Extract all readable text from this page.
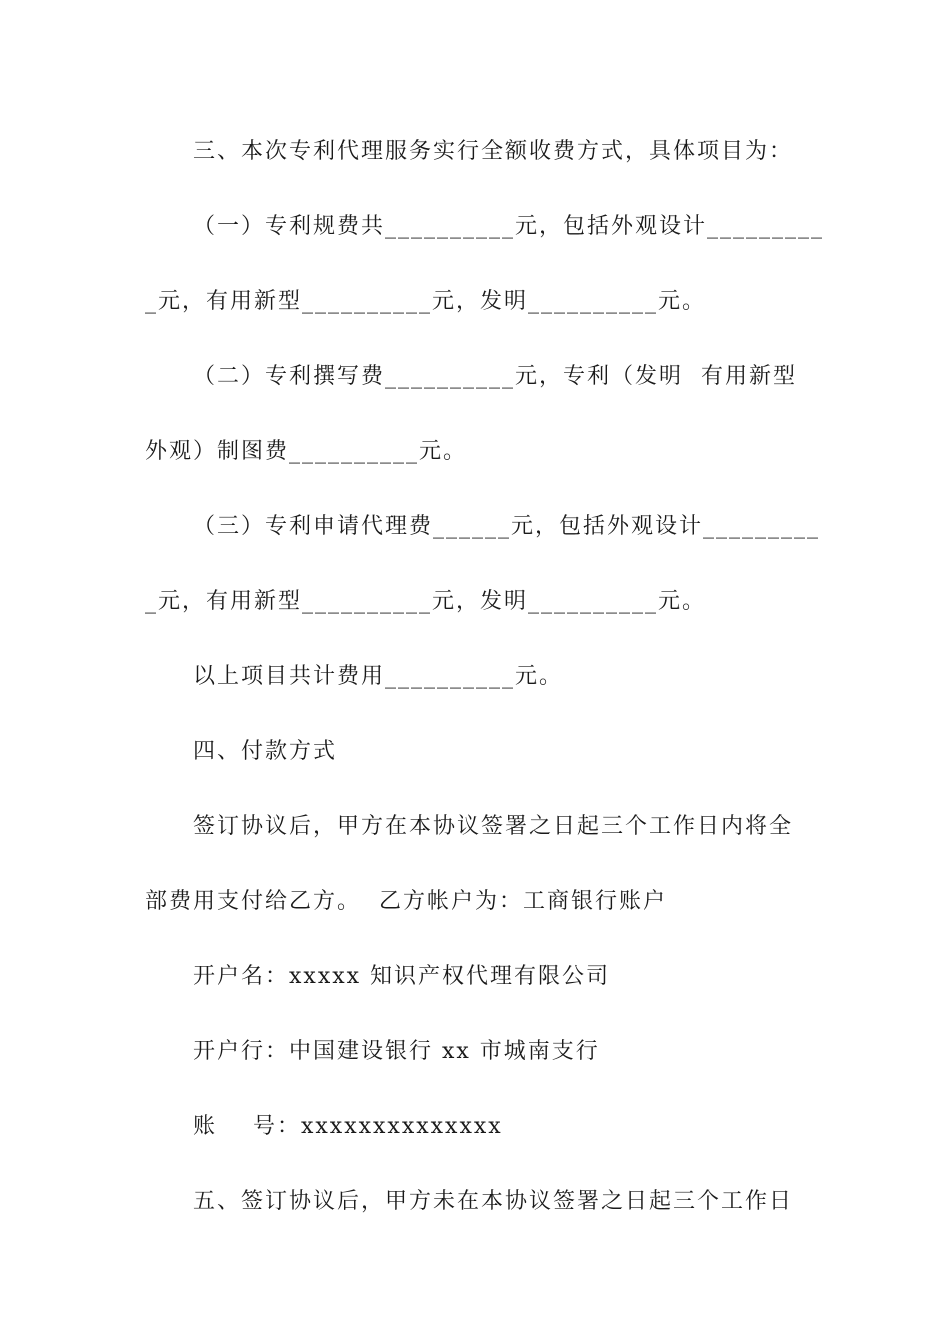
三、本次专利代理服务实行全额收费方式，具体项目为：
（一）专利规费共__________元，包括外观设计_________
_元，有用新型__________元，发明__________元。
（二）专利撰写费__________元，专利（发明  有用新型
外观）制图费__________元。
（三）专利申请代理费______元，包括外观设计_________
_元，有用新型__________元，发明__________元。
以上项目共计费用__________元。
四、付款方式
签订协议后，甲方在本协议签署之日起三个工作日内将全
部费用支付给乙方。  乙方帐户为：工商银行账户
开户名：xxxxx 知识产权代理有限公司
开户行：中国建设银行 xx 市城南支行
账    号：xxxxxxxxxxxxxx
五、签订协议后，甲方未在本协议签署之日起三个工作日
